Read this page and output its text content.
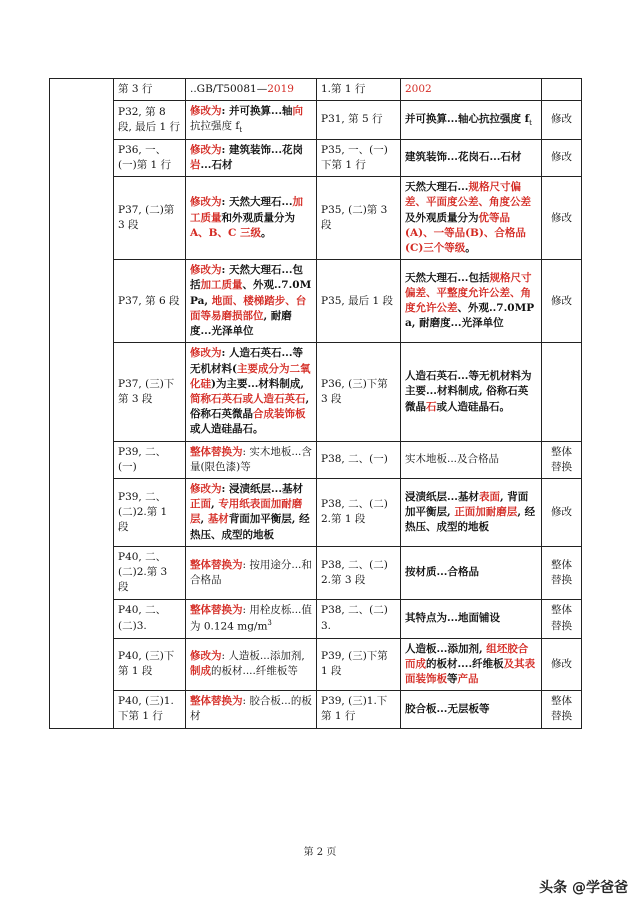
	第 3 行	..GB/T50081—2019	1.第 1 行	2002	
	P32, 第 8 段, 最后 1 行	修改为: 并可换算...轴向抗拉强度 $f_t$	P31, 第 5 行	并可换算...轴心抗拉强度 $f_t$	修改
	P36, 一、(一)第 1 行	修改为: 建筑装饰...花岗岩...石材	P35, 一、(一)下第 1 行	建筑装饰...花岗石...石材	修改
	P37, (二)第 3 段	修改为: 天然大理石...加工质量和外观质量分为 A、B、C 三级。	P35, (二)第 3 段	天然大理石...规格尺寸偏差、平面度公差、角度公差及外观质量分为优等品(A)、一等品(B)、合格品(C)三个等级。	修改
	P37, 第 6 段	修改为: 天然大理石...包括加工质量、外观..7.0MPa, 地面、楼梯踏步、台面等易磨损部位, 耐磨度...光泽单位	P35, 最后 1 段	天然大理石...包括规格尺寸偏差、平整度允许公差、角度允许公差、外观..7.0MPa, 耐磨度...光泽单位	修改
	P37, (三)下第 3 段	修改为: 人造石英石...等无机材料(主要成分为二氧化硅)为主要...材料制成, 简称石英石或人造石英石, 俗称石英微晶合成装饰板或人造硅晶石。	P36, (三)下第 3 段	人造石英石...等无机材料为主要...材料制成, 俗称石英微晶石或人造硅晶石。	
	P39, 二、(一)	整体替换为: 实木地板...含量(限色漆)等	P38, 二、(一)	实木地板...及合格品	整体替换
	P39, 二、(二)2.第 1 段	修改为: 浸渍纸层...基材正面, 专用纸表面加耐磨层, 基材背面加平衡层, 经热压、成型的地板	P38, 二、(二)2.第 1 段	浸渍纸层...基材表面, 背面加平衡层, 正面加耐磨层, 经热压、成型的地板	修改
	P40, 二、(二)2.第 3 段	整体替换为: 按用途分...和合格品	P38, 二、(二)2.第 3 段	按材质...合格品	整体替换
	P40, 二、(二)3.	整体替换为: 用栓皮栎...值为 0.124 $mg/m^3$	P38, 二、(二)3.	其特点为...地面铺设	整体替换
	P40, (三)下第 1 段	修改为: 人造板...添加剂, 制成的板材....纤维板等	P39, (三)下第 1 段	人造板...添加剂, 组坯胶合而成的板材....纤维板及其表面装饰板等产品	修改
	P40, (三)1.下第 1 行	整体替换为: 胶合板...的板材	P39, (三)1.下第 1 行	胶合板...无层板等	整体替换
第 2 页
头条 @学爸爸
